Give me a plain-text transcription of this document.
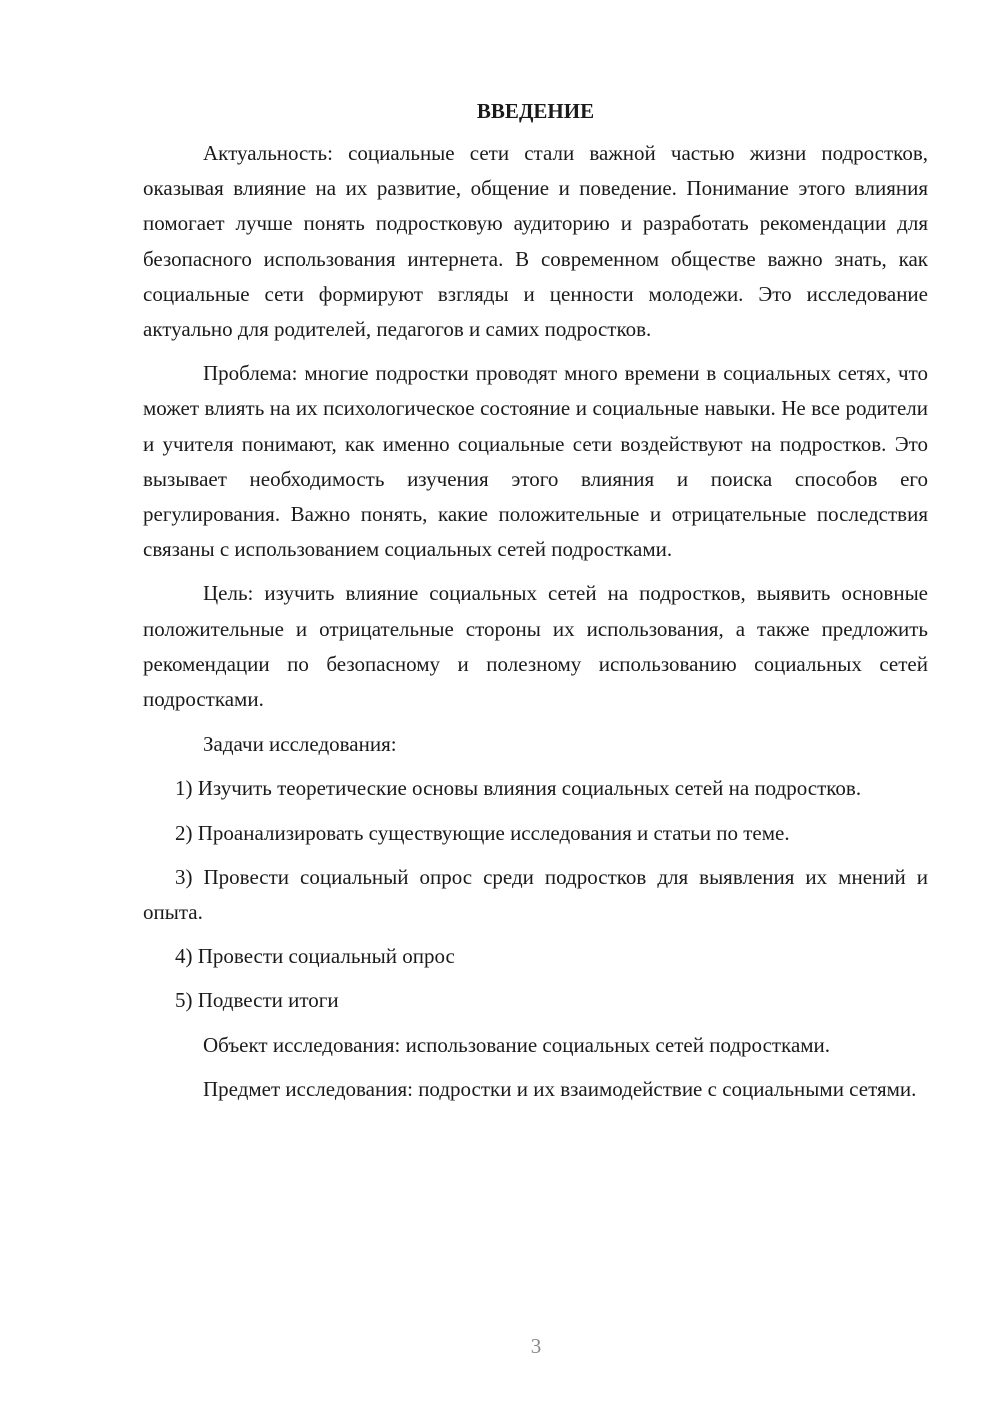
ВВЕДЕНИЕ

Актуальность: социальные сети стали важной частью жизни подростков, оказывая влияние на их развитие, общение и поведение. Понимание этого влияния помогает лучше понять подростковую аудиторию и разработать рекомендации для безопасного использования интернета. В современном обществе важно знать, как социальные сети формируют взгляды и ценности молодежи. Это исследование актуально для родителей, педагогов и самих подростков.

Проблема: многие подростки проводят много времени в социальных сетях, что может влиять на их психологическое состояние и социальные навыки. Не все родители и учителя понимают, как именно социальные сети воздействуют на подростков. Это вызывает необходимость изучения этого влияния и поиска способов его регулирования. Важно понять, какие положительные и отрицательные последствия связаны с использованием социальных сетей подростками.

Цель: изучить влияние социальных сетей на подростков, выявить основные положительные и отрицательные стороны их использования, а также предложить рекомендации по безопасному и полезному использованию социальных сетей подростками.

Задачи исследования:

1) Изучить теоретические основы влияния социальных сетей на подростков.

2) Проанализировать существующие исследования и статьи по теме.

3) Провести социальный опрос среди подростков для выявления их мнений и опыта.

4) Провести социальный опрос

5) Подвести итоги

Объект исследования: использование социальных сетей подростками.

Предмет исследования: подростки и их взаимодействие с социальными сетями.

3
